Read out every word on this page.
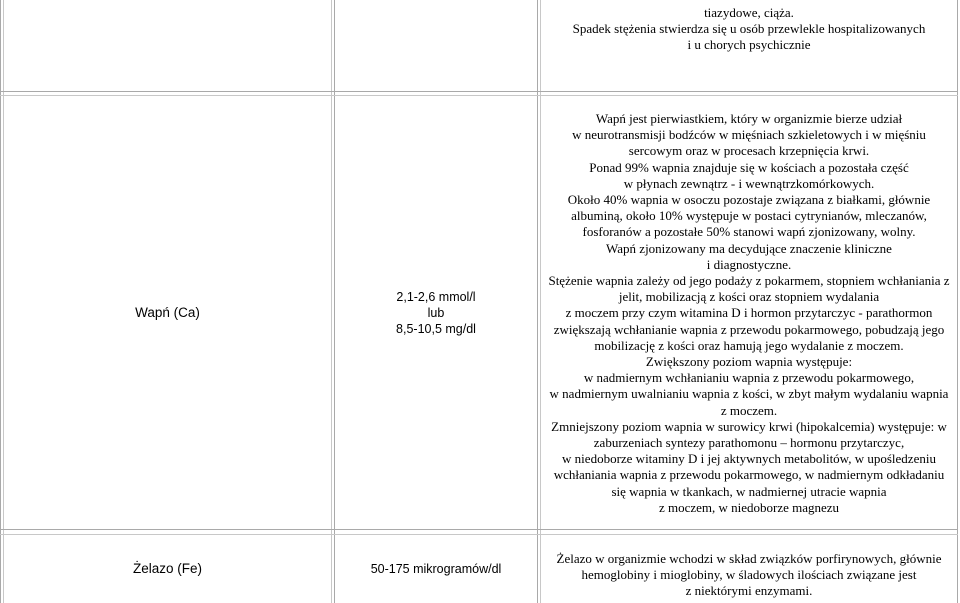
tiazydowe, ciąża.
Spadek stężenia stwierdza się u osób przewlekle hospitalizowanych
i u chorych psychicznie
Wapń (Ca)
2,1-2,6 mmol/l
lub
8,5-10,5 mg/dl
Wapń jest pierwiastkiem, który w organizmie bierze udział
w neurotransmisji bodźców w mięśniach szkieletowych i w mięśniu
sercowym oraz w procesach krzepnięcia krwi.
Ponad 99% wapnia znajduje się w kościach a pozostała część
w płynach zewnątrz - i wewnątrzkomórkowych.
Około 40% wapnia w osoczu pozostaje związana z białkami, głównie
albuminą, około 10% występuje w postaci cytrynianów, mleczanów,
fosforanów a pozostałe 50% stanowi wapń zjonizowany, wolny.
Wapń zjonizowany ma decydujące znaczenie kliniczne
i diagnostyczne.
Stężenie wapnia zależy od jego podaży z pokarmem, stopniem wchłaniania z
jelit, mobilizacją z kości oraz stopniem wydalania
z moczem przy czym witamina D i hormon przytarczyc - parathormon
zwiększają wchłanianie wapnia z przewodu pokarmowego, pobudzają jego
mobilizację z kości oraz hamują jego wydalanie z moczem.
Zwiększony poziom wapnia występuje:
w nadmiernym wchłanianiu wapnia z przewodu pokarmowego,
w nadmiernym uwalnianiu wapnia z kości, w zbyt małym wydalaniu wapnia
z moczem.
Zmniejszony poziom wapnia w surowicy krwi (hipokalcemia) występuje: w
zaburzeniach syntezy parathomonu – hormonu przytarczyc,
w niedoborze witaminy D i jej aktywnych metabolitów, w upośledzeniu
wchłaniania wapnia z przewodu pokarmowego, w nadmiernym odkładaniu
się wapnia w tkankach, w nadmiernej utracie wapnia
z moczem, w niedoborze magnezu
Żelazo (Fe)	50-175 mikrogramów/dl
Żelazo w organizmie wchodzi w skład związków porfirynowych, głównie
hemoglobiny i mioglobiny, w śladowych ilościach związane jest
z niektórymi enzymami.
